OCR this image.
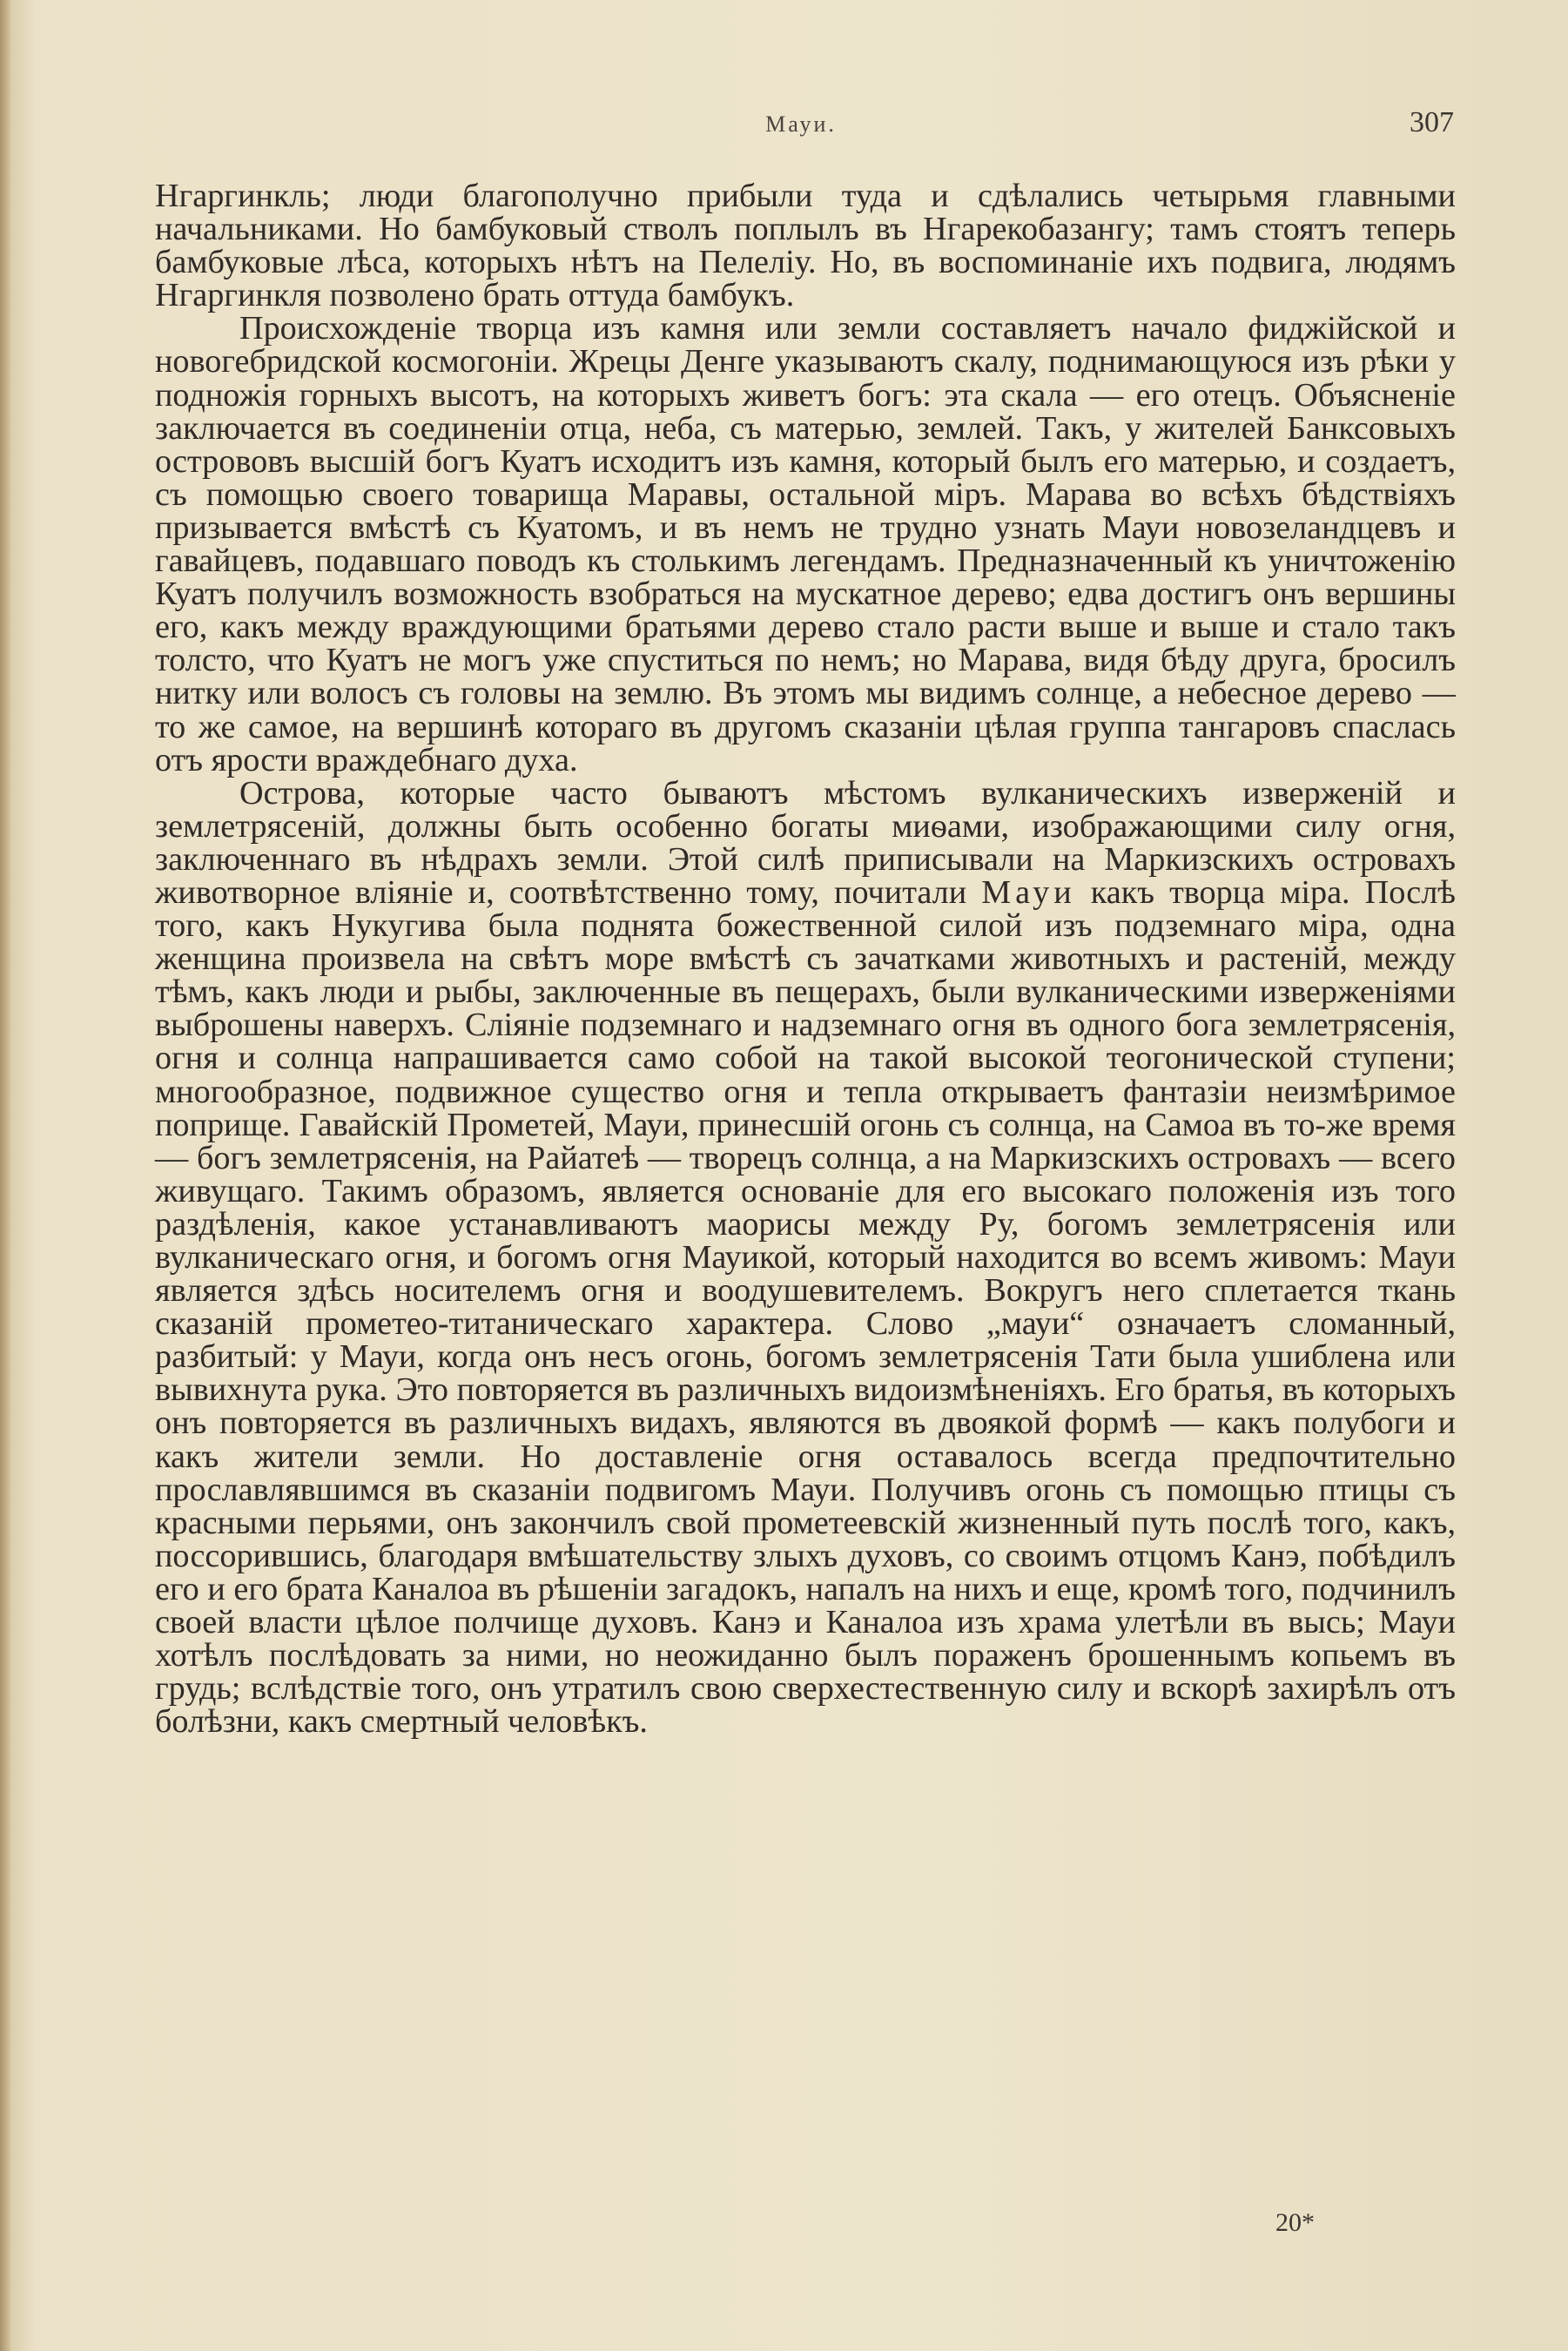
Мауи.	307

Нгаргинкль; люди благополучно прибыли туда и сдѣлались четырьмя главными начальниками. Но бамбуковый стволъ поплылъ въ Нгарекобазангу; тамъ стоятъ теперь бамбуковые лѣса, которыхъ нѣтъ на Пелеліу. Но, въ воспоминаніе ихъ подвига, людямъ Нгаргинкля позволено брать оттуда бамбукъ.

Происхожденіе творца изъ камня или земли составляетъ начало фиджійской и новогебридской космогоніи. Жрецы Денге указываютъ скалу, поднимающуюся изъ рѣки у подножія горныхъ высотъ, на которыхъ живетъ богъ: эта скала — его отецъ. Объясненіе заключается въ соединеніи отца, неба, съ матерью, землей. Такъ, у жителей Банксовыхъ острововъ высшій богъ Куатъ исходитъ изъ камня, который былъ его матерью, и создаетъ, съ помощью своего товарища Маравы, остальной міръ. Марава во всѣхъ бѣдствіяхъ призывается вмѣстѣ съ Куатомъ, и въ немъ не трудно узнать Мауи новозеландцевъ и гавайцевъ, подавшаго поводъ къ столькимъ легендамъ. Предназначенный къ уничтоженію Куатъ получилъ возможность взобраться на мускатное дерево; едва достигъ онъ вершины его, какъ между враждующими братьями дерево стало расти выше и выше и стало такъ толсто, что Куатъ не могъ уже спуститься по немъ; но Марава, видя бѣду друга, бросилъ нитку или волосъ съ головы на землю. Въ этомъ мы видимъ солнце, а небесное дерево — то же самое, на вершинѣ котораго въ другомъ сказаніи цѣлая группа тангаровъ спаслась отъ ярости враждебнаго духа.

Острова, которые часто бываютъ мѣстомъ вулканическихъ изверженій и землетрясеній, должны быть особенно богаты миѳами, изображающими силу огня, заключеннаго въ нѣдрахъ земли. Этой силѣ приписывали на Маркизскихъ островахъ животворное вліяніе и, соотвѣтственно тому, почитали Мауи какъ творца міра. Послѣ того, какъ Нукугива была поднята божественной силой изъ подземнаго міра, одна женщина произвела на свѣтъ море вмѣстѣ съ зачатками животныхъ и растеній, между тѣмъ, какъ люди и рыбы, заключенные въ пещерахъ, были вулканическими изверженіями выброшены наверхъ. Сліяніе подземнаго и надземнаго огня въ одного бога землетрясенія, огня и солнца напрашивается само собой на такой высокой теогонической ступени; многообразное, подвижное существо огня и тепла открываетъ фантазіи неизмѣримое поприще. Гавайскій Прометей, Мауи, принесшій огонь съ солнца, на Самоа въ то-же время — богъ землетрясенія, на Райатеѣ — творецъ солнца, а на Маркизскихъ островахъ — всего живущаго. Такимъ образомъ, является основаніе для его высокаго положенія изъ того раздѣленія, какое устанавливаютъ маорисы между Ру, богомъ землетрясенія или вулканическаго огня, и богомъ огня Мауикой, который находится во всемъ живомъ: Мауи является здѣсь носителемъ огня и воодушевителемъ. Вокругъ него сплетается ткань сказаній прометео-титаническаго характера. Слово „мауи“ означаетъ сломанный, разбитый: у Мауи, когда онъ несъ огонь, богомъ землетрясенія Тати была ушиблена или вывихнута рука. Это повторяется въ различныхъ видоизмѣненіяхъ. Его братья, въ которыхъ онъ повторяется въ различныхъ видахъ, являются въ двоякой формѣ — какъ полубоги и какъ жители земли. Но доставленіе огня оставалось всегда предпочтительно прославлявшимся въ сказаніи подвигомъ Мауи. Получивъ огонь съ помощью птицы съ красными перьями, онъ закончилъ свой прометеевскій жизненный путь послѣ того, какъ, поссорившись, благодаря вмѣшательству злыхъ духовъ, со своимъ отцомъ Канэ, побѣдилъ его и его брата Каналоа въ рѣшеніи загадокъ, напалъ на нихъ и еще, кромѣ того, подчинилъ своей власти цѣлое полчище духовъ. Канэ и Каналоа изъ храма улетѣли въ высь; Мауи хотѣлъ послѣдовать за ними, но неожиданно былъ пораженъ брошеннымъ копьемъ въ грудь; вслѣдствіе того, онъ утратилъ свою сверхестественную силу и вскорѣ захирѣлъ отъ болѣзни, какъ смертный человѣкъ.

20*
